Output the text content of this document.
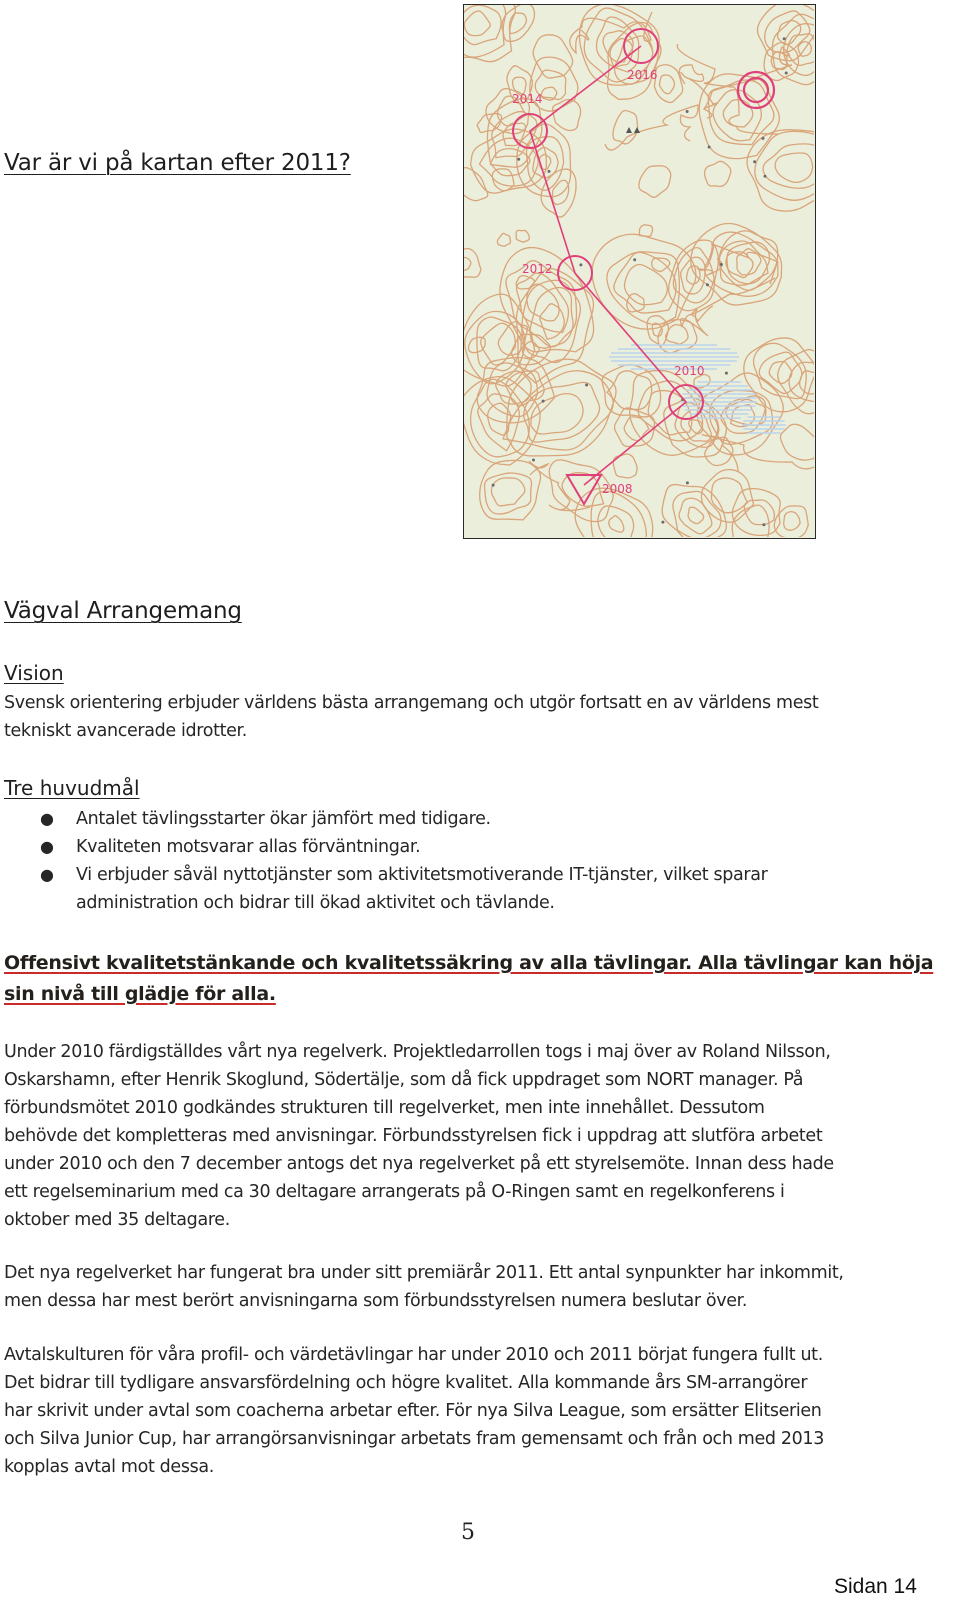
Var är vi på kartan efter 2011?
2008
2010
2012
2014
2016
Vägval Arrangemang
Vision
Svensk orientering erbjuder världens bästa arrangemang och utgör fortsatt en av världens mest
tekniskt avancerade idrotter.
Tre huvudmål
● Antalet tävlingsstarter ökar jämfört med tidigare.
● Kvaliteten motsvarar allas förväntningar.
● Vi erbjuder såväl nyttotjänster som aktivitetsmotiverande IT-tjänster, vilket sparar
administration och bidrar till ökad aktivitet och tävlande.
Offensivt kvalitetstänkande och kvalitetssäkring av alla tävlingar. Alla tävlingar kan höja
sin nivå till glädje för alla.
Under 2010 färdigställdes vårt nya regelverk. Projektledarrollen togs i maj över av Roland Nilsson,
Oskarshamn, efter Henrik Skoglund, Södertälje, som då fick uppdraget som NORT manager. På
förbundsmötet 2010 godkändes strukturen till regelverket, men inte innehållet. Dessutom
behövde det kompletteras med anvisningar. Förbundsstyrelsen fick i uppdrag att slutföra arbetet
under 2010 och den 7 december antogs det nya regelverket på ett styrelsemöte. Innan dess hade
ett regelseminarium med ca 30 deltagare arrangerats på O-Ringen samt en regelkonferens i
oktober med 35 deltagare.
Det nya regelverket har fungerat bra under sitt premiärår 2011. Ett antal synpunkter har inkommit,
men dessa har mest berört anvisningarna som förbundsstyrelsen numera beslutar över.
Avtalskulturen för våra profil- och värdetävlingar har under 2010 och 2011 börjat fungera fullt ut.
Det bidrar till tydligare ansvarsfördelning och högre kvalitet. Alla kommande års SM-arrangörer
har skrivit under avtal som coacherna arbetar efter. För nya Silva League, som ersätter Elitserien
och Silva Junior Cup, har arrangörsanvisningar arbetats fram gemensamt och från och med 2013
kopplas avtal mot dessa.
5
Sidan 14
